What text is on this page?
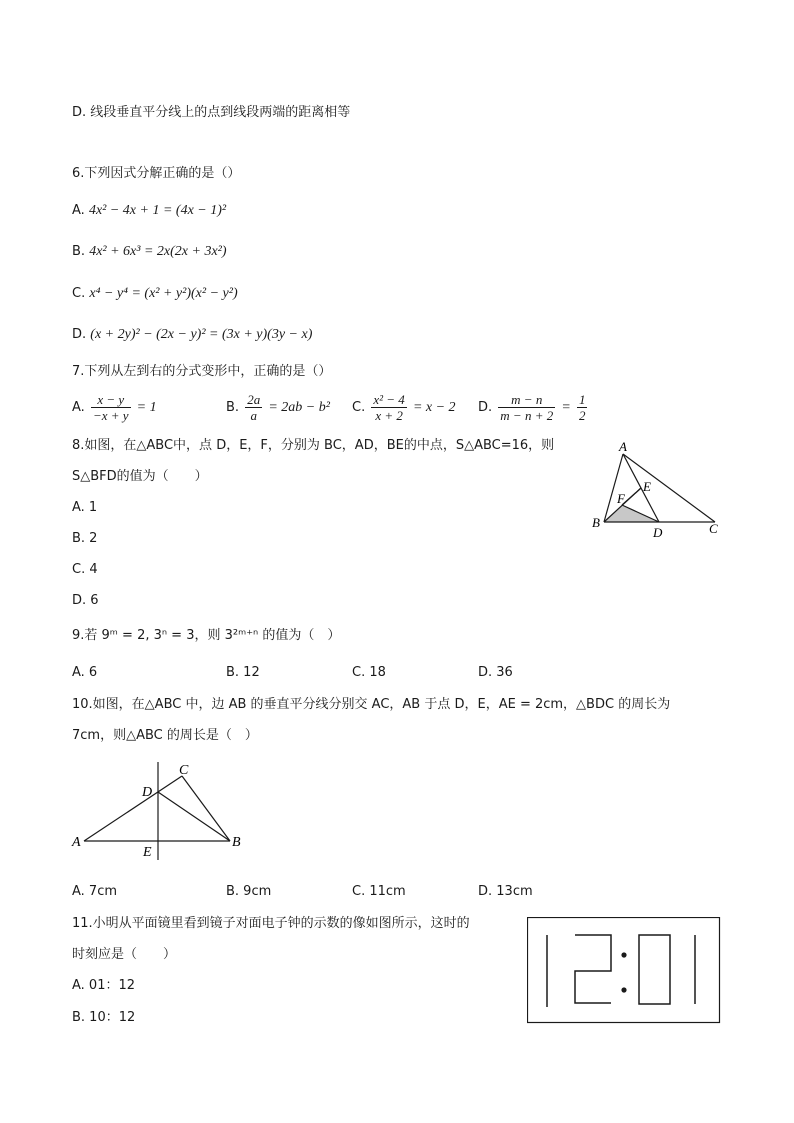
D. 线段垂直平分线上的点到线段两端的距离相等
6.下列因式分解正确的是（）
A. 4x² − 4x + 1 = (4x − 1)²
B. 4x² + 6x³ = 2x(2x + 3x²)
C. x⁴ − y⁴ = (x² + y²)(x² − y²)
D. (x + 2y)² − (2x − y)² = (3x + y)(3y − x)
7.下列从左到右的分式变形中，正确的是（）
A. $\frac{x - y}{-x + y} = 1$	B. $\frac{2a}{a} = 2ab - b^2$ C. $\frac{\text{x² − 4}}{x + 2} = x - 2$ D. $\frac{m - n}{m - n + 2} = \frac{1}{2}$
8.如图，在△ABC中，点 D，E，F，分别为 BC，AD，BE的中点，S△ABC=16，则
S△BFD的值为（　　）
A. 1
B. 2
C. 4
D. 6
A
B	C
D
E
F
9.若 9ᵐ = 2, 3ⁿ = 3，则 3²ᵐ⁺ⁿ 的值为（　）
A. 6	B. 12	C. 18	D. 36
10.如图，在△ABC 中，边 AB 的垂直平分线分别交 AC，AB 于点 D，E，AE = 2cm，△BDC 的周长为
7cm，则△ABC 的周长是（　）
A	B
C
D
E
A. 7cm	B. 9cm	C. 11cm	D. 13cm
11.小明从平面镜里看到镜子对面电子钟的示数的像如图所示，这时的
时刻应是（　　）
A. 01：12
B. 10：12
